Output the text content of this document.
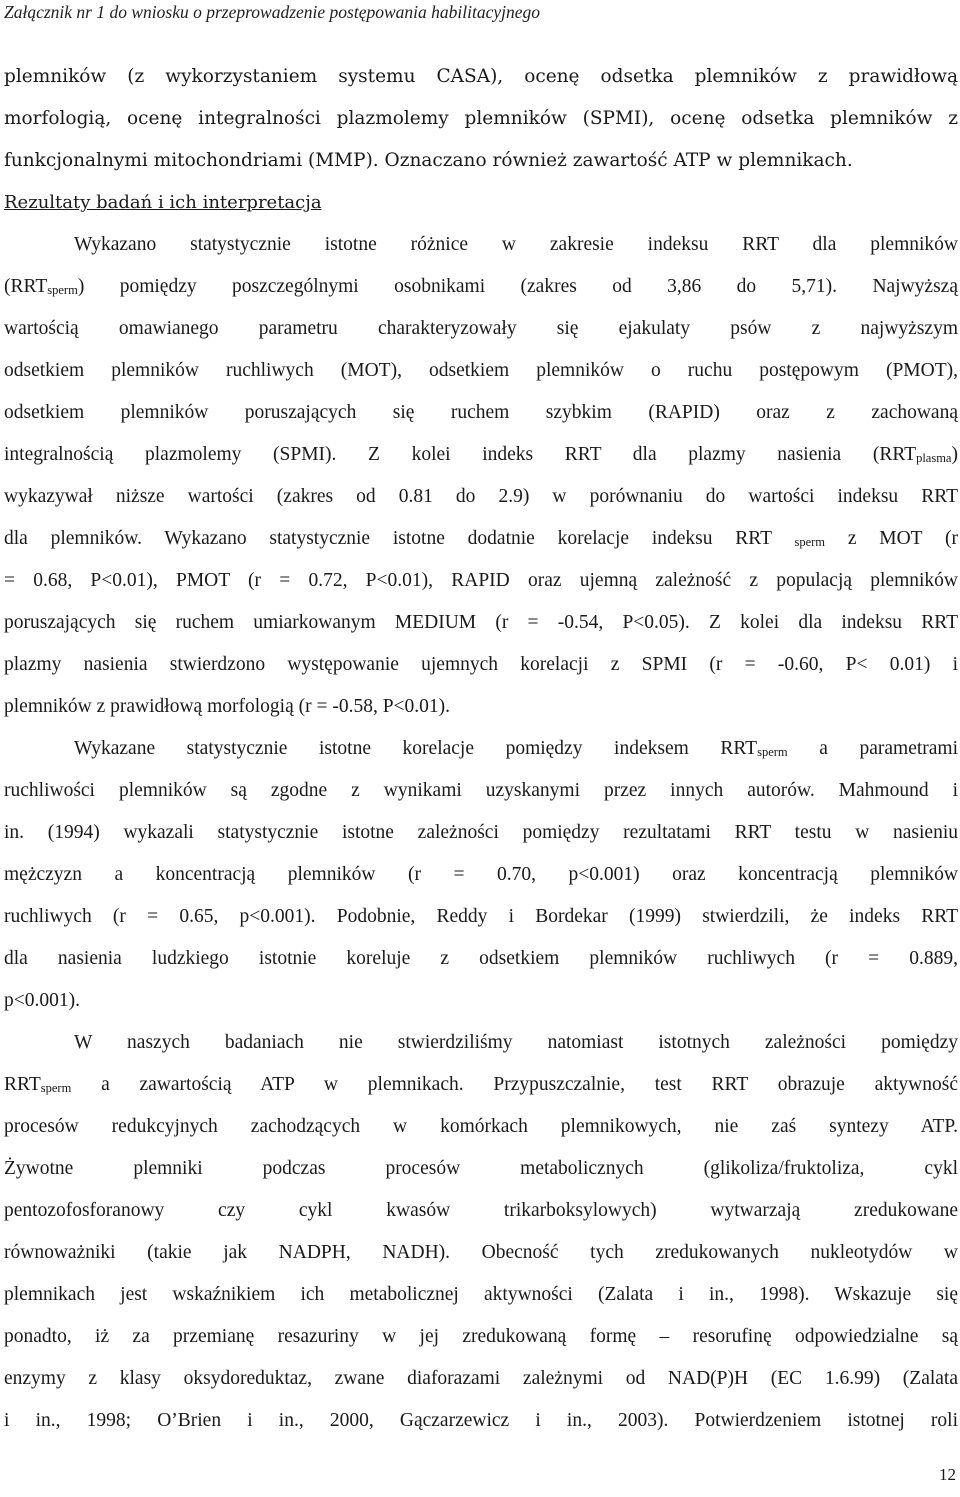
Załącznik nr 1 do wniosku o przeprowadzenie postępowania habilitacyjnego
plemników (z wykorzystaniem systemu CASA), ocenę odsetka plemników z prawidłową
morfologią, ocenę integralności plazmolemy plemników (SPMI), ocenę odsetka plemników z
funkcjonalnymi mitochondriami (MMP). Oznaczano również zawartość ATP w plemnikach.
Rezultaty badań i ich interpretacja
Wykazano statystycznie istotne różnice w zakresie indeksu RRT dla plemników
(RRTsperm) pomiędzy poszczególnymi osobnikami (zakres od 3,86 do 5,71). Najwyższą
wartością omawianego parametru charakteryzowały się ejakulaty psów z najwyższym
odsetkiem plemników ruchliwych (MOT), odsetkiem plemników o ruchu postępowym (PMOT),
odsetkiem plemników poruszających się ruchem szybkim (RAPID) oraz z zachowaną
integralnością plazmolemy (SPMI). Z kolei indeks RRT dla plazmy nasienia (RRTplasma)
wykazywał niższe wartości (zakres od 0.81 do 2.9) w porównaniu do wartości indeksu RRT
dla plemników. Wykazano statystycznie istotne dodatnie korelacje indeksu RRT sperm z MOT (r
= 0.68, P<0.01), PMOT (r = 0.72, P<0.01), RAPID oraz ujemną zależność z populacją plemników
poruszających się ruchem umiarkowanym MEDIUM (r = -0.54, P<0.05). Z kolei dla indeksu RRT
plazmy nasienia stwierdzono występowanie ujemnych korelacji z SPMI (r = -0.60, P< 0.01) i
plemników z prawidłową morfologią (r = -0.58, P<0.01).
Wykazane statystycznie istotne korelacje pomiędzy indeksem RRTsperm a parametrami
ruchliwości plemników są zgodne z wynikami uzyskanymi przez innych autorów. Mahmound i
in. (1994) wykazali statystycznie istotne zależności pomiędzy rezultatami RRT testu w nasieniu
mężczyzn a koncentracją plemników (r = 0.70, p<0.001) oraz koncentracją plemników
ruchliwych (r = 0.65, p<0.001). Podobnie, Reddy i Bordekar (1999) stwierdzili, że indeks RRT
dla nasienia ludzkiego istotnie koreluje z odsetkiem plemników ruchliwych (r = 0.889,
p<0.001).
W naszych badaniach nie stwierdziliśmy natomiast istotnych zależności pomiędzy
RRTsperm a zawartością ATP w plemnikach. Przypuszczalnie, test RRT obrazuje aktywność
procesów redukcyjnych zachodzących w komórkach plemnikowych, nie zaś syntezy ATP.
Żywotne plemniki podczas procesów metabolicznych (glikoliza/fruktoliza, cykl
pentozofosforanowy czy cykl kwasów trikarboksylowych) wytwarzają zredukowane
równoważniki (takie jak NADPH, NADH). Obecność tych zredukowanych nukleotydów w
plemnikach jest wskaźnikiem ich metabolicznej aktywności (Zalata i in., 1998). Wskazuje się
ponadto, iż za przemianę resazuriny w jej zredukowaną formę – resorufinę odpowiedzialne są
enzymy z klasy oksydoreduktaz, zwane diaforazami zależnymi od NAD(P)H (EC 1.6.99) (Zalata
i in., 1998; O’Brien i in., 2000, Gączarzewicz i in., 2003). Potwierdzeniem istotnej roli
12
